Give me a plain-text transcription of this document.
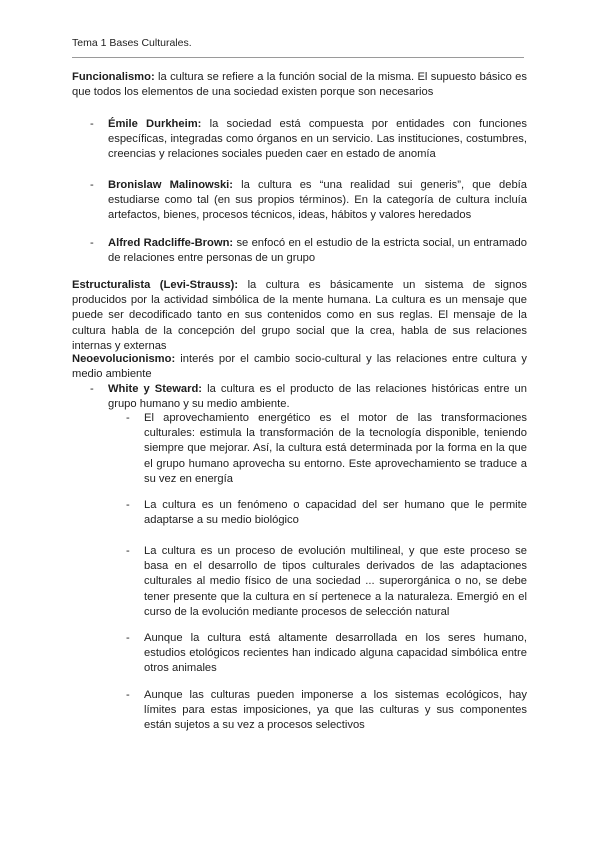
Tema 1 Bases Culturales.
Funcionalismo: la cultura se refiere a la función social de la misma. El supuesto básico es que todos los elementos de una sociedad existen porque son necesarios
-	Émile Durkheim: la sociedad está compuesta por entidades con funciones específicas, integradas como órganos en un servicio. Las instituciones, costumbres, creencias y relaciones sociales pueden caer en estado de anomía
-	Bronislaw Malinowski: la cultura es “una realidad sui generis”, que debía estudiarse como tal (en sus propios términos). En la categoría de cultura incluía artefactos, bienes, procesos técnicos, ideas, hábitos y valores heredados
-	Alfred Radcliffe-Brown: se enfocó en el estudio de la estricta social, un entramado de relaciones entre personas de un grupo
Estructuralista (Levi-Strauss): la cultura es básicamente un sistema de signos producidos por la actividad simbólica de la mente humana. La cultura es un mensaje que puede ser decodificado tanto en sus contenidos como en sus reglas. El mensaje de la cultura habla de la concepción del grupo social que la crea, habla de sus relaciones internas y externas
Neoevolucionismo: interés por el cambio socio-cultural y las relaciones entre cultura y medio ambiente
-	White y Steward: la cultura es el producto de las relaciones históricas entre un grupo humano y su medio ambiente.
-	El aprovechamiento energético es el motor de las transformaciones culturales: estimula la transformación de la tecnología disponible, teniendo siempre que mejorar. Así, la cultura está determinada por la forma en la que el grupo humano aprovecha su entorno. Este aprovechamiento se traduce a su vez en energía
-	La cultura es un fenómeno o capacidad del ser humano que le permite adaptarse a su medio biológico
-	La cultura es un proceso de evolución multilineal, y que este proceso se basa en el desarrollo de tipos culturales derivados de las adaptaciones culturales al medio físico de una sociedad ... superorgánica o no, se debe tener presente que la cultura en sí pertenece a la naturaleza. Emergió en el curso de la evolución mediante procesos de selección natural
-	Aunque la cultura está altamente desarrollada en los seres humano, estudios etológicos recientes han indicado alguna capacidad simbólica entre otros animales
-	Aunque las culturas pueden imponerse a los sistemas ecológicos, hay límites para estas imposiciones, ya que las culturas y sus componentes están sujetos a su vez a procesos selectivos
